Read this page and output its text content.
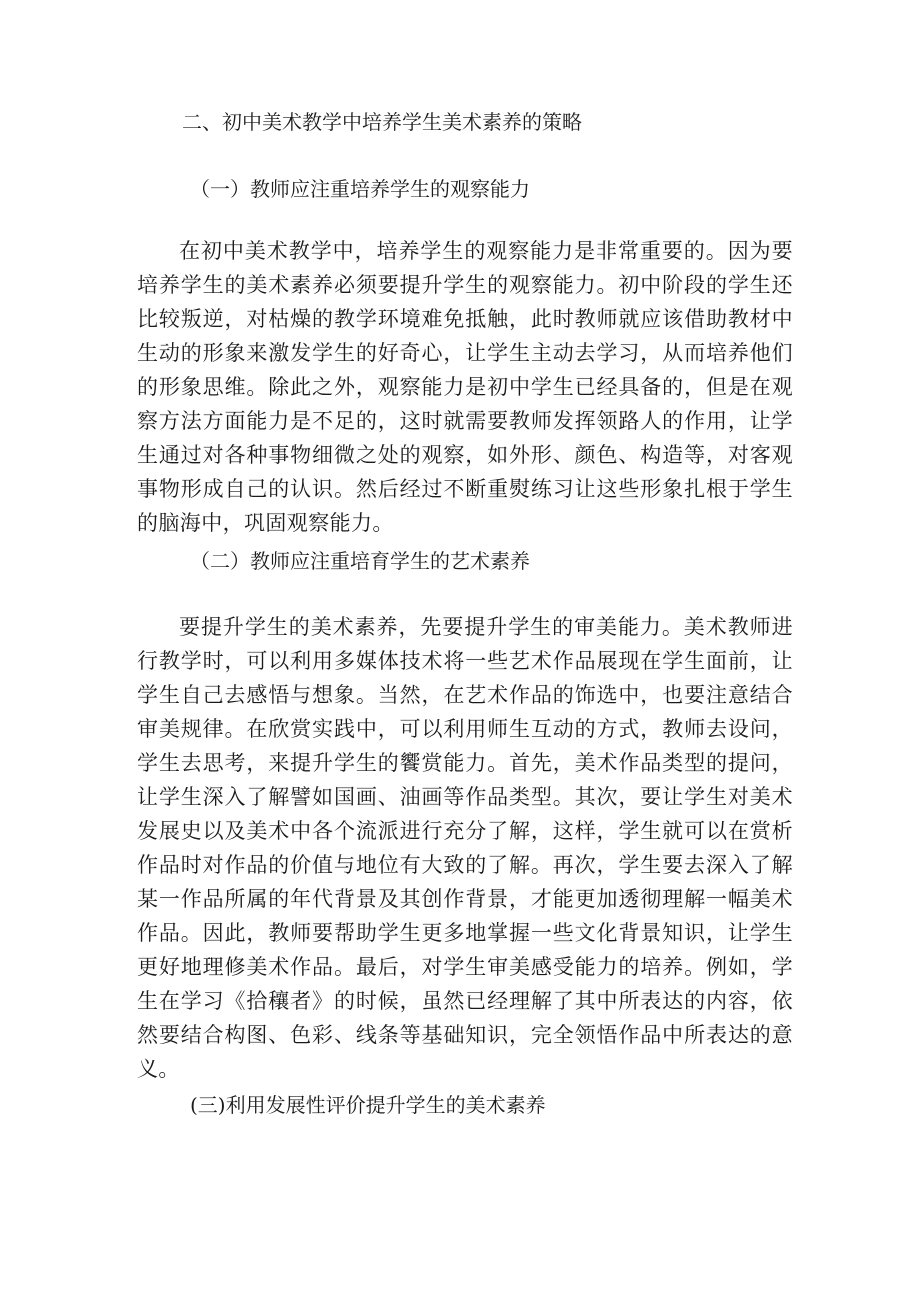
二、初中美术教学中培养学生美术素养的策略
（一）教师应注重培养学生的观察能力

在初中美术教学中，培养学生的观察能力是非常重要的。因为要培养学生的美术素养必须要提升学生的观察能力。初中阶段的学生还比较叛逆，对枯燥的教学环境难免抵触，此时教师就应该借助教材中生动的形象来激发学生的好奇心，让学生主动去学习，从而培养他们的形象思维。除此之外，观察能力是初中学生已经具备的，但是在观察方法方面能力是不足的，这时就需要教师发挥领路人的作用，让学生通过对各种事物细微之处的观察，如外形、颜色、构造等，对客观事物形成自己的认识。然后经过不断重熨练习让这些形象扎根于学生的脑海中，巩固观察能力。

（二）教师应注重培育学生的艺术素养

要提升学生的美术素养，先要提升学生的审美能力。美术教师进行教学时，可以利用多媒体技术将一些艺术作品展现在学生面前，让学生自己去感悟与想象。当然，在艺术作品的饰选中，也要注意结合审美规律。在欣赏实践中，可以利用师生互动的方式，教师去设问，学生去思考，来提升学生的饗赏能力。首先，美术作品类型的提问，让学生深入了解譬如国画、油画等作品类型。其次，要让学生对美术发展史以及美术中各个流派进行充分了解，这样，学生就可以在赏析作品时对作品的价值与地位有大致的了解。再次，学生要去深入了解某一作品所属的年代背景及其创作背景，才能更加透彻理解一幅美术作品。因此，教师要帮助学生更多地掌握一些文化背景知识，让学生更好地理修美术作品。最后，对学生审美感受能力的培养。例如，学生在学习《拾穰者》的时候，虽然已经理解了其中所表达的内容，依然要结合构图、色彩、线条等基础知识，完全领悟作品中所表达的意义。

(三)利用发展性评价提升学生的美术素养
